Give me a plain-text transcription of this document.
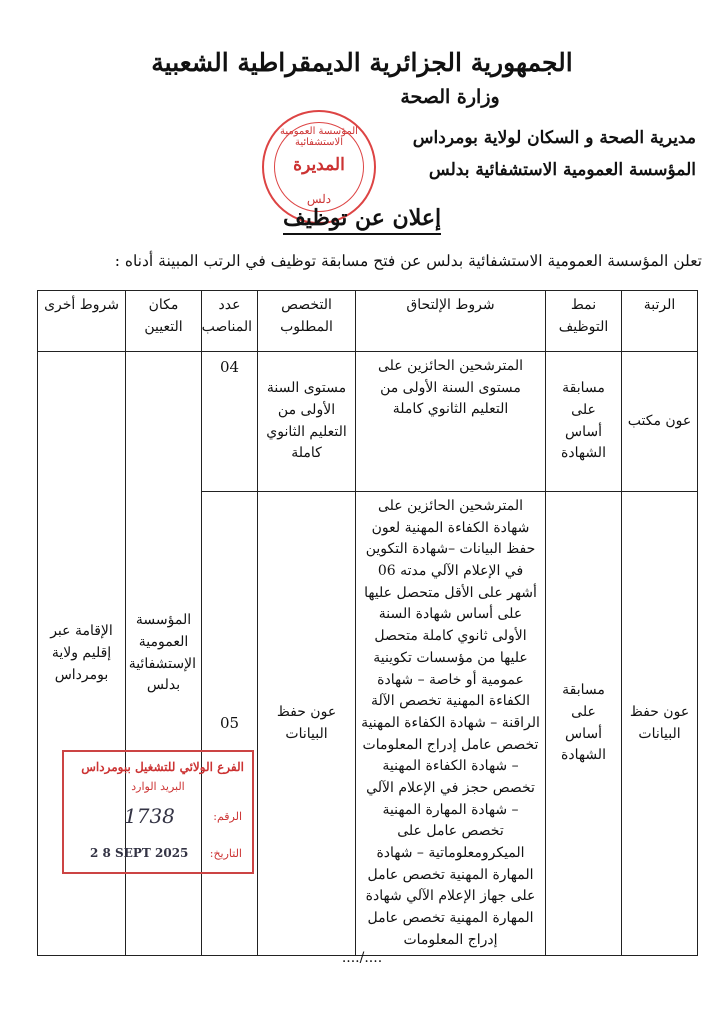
الجمهورية الجزائرية الديمقراطية الشعبية
وزارة الصحة
مديرية الصحة و السكان لولاية بومرداس
المؤسسة العمومية الاستشفائية بدلس
المؤسسة العمومية الاستشفائية
المديرة
دلس
إعلان عن توظيف
تعلن المؤسسة العمومية الاستشفائية بدلس عن فتح مسابقة توظيف في الرتب المبينة أدناه :
الرتبة	نمط التوظيف	شروط الإلتحاق	التخصص المطلوب	عدد المناصب	مكان التعيين	شروط أخرى
عون مكتب	مسابقة على أساس الشهادة	المترشحين الحائزين على مستوى السنة الأولى من التعليم الثانوي كاملة	مستوى السنة الأولى من التعليم الثانوي كاملة	04	المؤسسة العمومية الإستشفائية بدلس	الإقامة عبر إقليم ولاية بومرداس
عون حفظ البيانات	مسابقة على أساس الشهادة	المترشحين الحائزين على شهادة الكفاءة المهنية لعون حفظ البيانات –شهادة التكوين في الإعلام الآلي مدته 06 أشهر على الأقل متحصل عليها على أساس شهادة السنة الأولى ثانوي كاملة متحصل عليها من مؤسسات تكوينية عمومية أو خاصة – شهادة الكفاءة المهنية تخصص الآلة الراقنة – شهادة الكفاءة المهنية تخصص عامل إدراج المعلومات – شهادة الكفاءة المهنية تخصص حجز في الإعلام الآلي – شهادة المهارة المهنية تخصص عامل على الميكرومعلوماتية – شهادة المهارة المهنية تخصص عامل على جهاز الإعلام الآلي شهادة المهارة المهنية تخصص عامل إدراج المعلومات	عون حفظ البيانات	05		
الفرع الولائي للتشغيل ببومرداس
البريد الوارد
الرقم:
1738
التاريخ:
2 8 SEPT 2025
..../....
